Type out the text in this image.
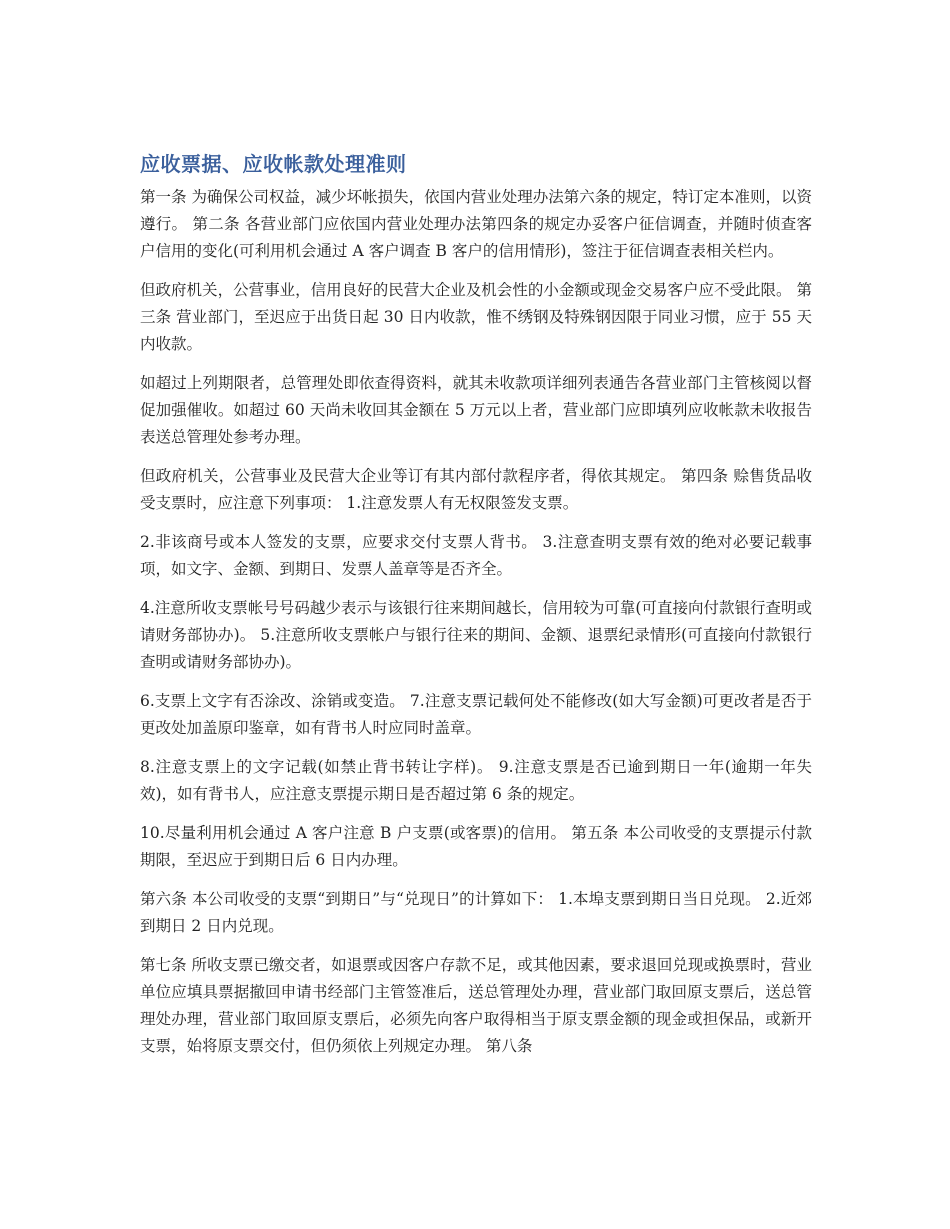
应收票据、应收帐款处理准则

第一条 为确保公司权益，减少坏帐损失，依国内营业处理办法第六条的规定，特订定本准则，以资遵行。 第二条 各营业部门应依国内营业处理办法第四条的规定办妥客户征信调查，并随时侦查客户信用的变化(可利用机会通过 A 客户调查 B 客户的信用情形)，签注于征信调查表相关栏内。

但政府机关，公营事业，信用良好的民营大企业及机会性的小金额或现金交易客户应不受此限。 第三条 营业部门，至迟应于出货日起 30 日内收款，惟不绣钢及特殊钢因限于同业习惯，应于 55 天内收款。

如超过上列期限者，总管理处即依查得资料，就其未收款项详细列表通告各营业部门主管核阅以督促加强催收。如超过 60 天尚未收回其金额在 5 万元以上者，营业部门应即填列应收帐款未收报告表送总管理处参考办理。

但政府机关，公营事业及民营大企业等订有其内部付款程序者，得依其规定。 第四条 赊售货品收受支票时，应注意下列事项： 1.注意发票人有无权限签发支票。

2.非该商号或本人签发的支票，应要求交付支票人背书。 3.注意查明支票有效的绝对必要记载事项，如文字、金额、到期日、发票人盖章等是否齐全。

4.注意所收支票帐号号码越少表示与该银行往来期间越长，信用较为可靠(可直接向付款银行查明或请财务部协办)。 5.注意所收支票帐户与银行往来的期间、金额、退票纪录情形(可直接向付款银行查明或请财务部协办)。

6.支票上文字有否涂改、涂销或变造。 7.注意支票记载何处不能修改(如大写金额)可更改者是否于更改处加盖原印鉴章，如有背书人时应同时盖章。

8.注意支票上的文字记载(如禁止背书转让字样)。 9.注意支票是否已逾到期日一年(逾期一年失效)，如有背书人，应注意支票提示期日是否超过第 6 条的规定。

10.尽量利用机会通过 A 客户注意 B 户支票(或客票)的信用。 第五条 本公司收受的支票提示付款期限，至迟应于到期日后 6 日内办理。

第六条 本公司收受的支票“到期日”与“兑现日”的计算如下： 1.本埠支票到期日当日兑现。 2.近郊到期日 2 日内兑现。

第七条 所收支票已缴交者，如退票或因客户存款不足，或其他因素，要求退回兑现或换票时，营业单位应填具票据撤回申请书经部门主管签准后，送总管理处办理，营业部门取回原支票后，送总管理处办理，营业部门取回原支票后，必须先向客户取得相当于原支票金额的现金或担保品，或新开支票，始将原支票交付，但仍须依上列规定办理。 第八条
